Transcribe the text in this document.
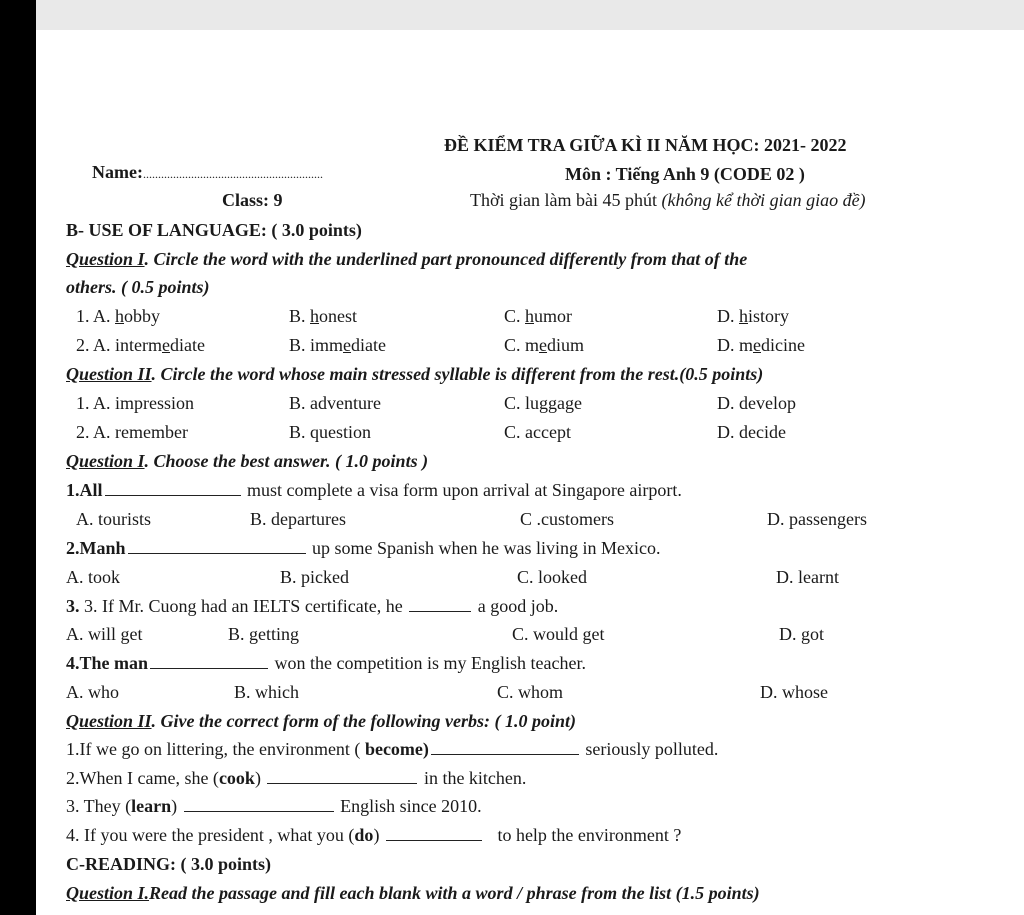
ĐỀ KIỂM TRA GIỮA KÌ II NĂM HỌC: 2021- 2022
Name:............................................................	Môn : Tiếng Anh 9 (CODE 02 )
Class: 9	Thời gian làm bài 45 phút (không kể thời gian giao đề)
B- USE OF LANGUAGE: ( 3.0 points)
Question I. Circle the word with the underlined part pronounced differently from that of the
others. ( 0.5 points)
1. A. hobby	B. honest	C. humor	D. history
2. A. intermediate	B. immediate	C. medium	D. medicine
Question II. Circle the word whose main stressed syllable is different from the rest.(0.5 points)
1. A. impression	B. adventure	C. luggage	D. develop
2. A. remember	B. question	C. accept	D. decide
Question I. Choose the best answer. ( 1.0 points )
1.All	must complete a visa form upon arrival at Singapore airport.
A. tourists	B. departures	C .customers	D. passengers
2.Manh	up some Spanish when he was living in Mexico.
A. took	B. picked	C. looked	D. learnt
3. 3. If Mr. Cuong had an IELTS certificate, he	a good job.
A. will get	B. getting	C. would get	D. got
4.The man	won the competition is my English teacher.
A. who	B. which	C. whom	D. whose
Question II. Give the correct form of the following verbs: ( 1.0 point)
1.If we go on littering, the environment ( become)	seriously polluted.
2.When I came, she (cook)	in the kitchen.
3. They (learn)	English since 2010.
4. If you were the president , what you (do)	to help the environment ?
C-READING: ( 3.0 points)
Question I.Read the passage and fill each blank with a word / phrase from the list (1.5 points)
